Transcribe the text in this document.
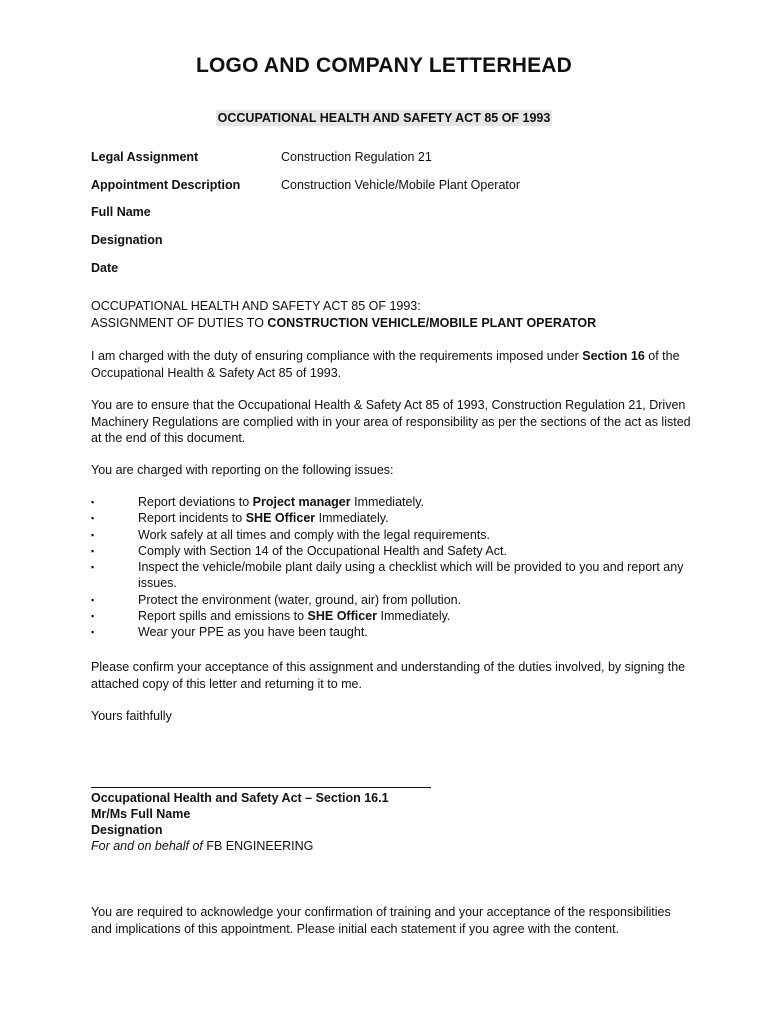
LOGO AND COMPANY LETTERHEAD
OCCUPATIONAL HEALTH AND SAFETY ACT 85 OF 1993
Legal Assignment	Construction Regulation 21
Appointment Description	Construction Vehicle/Mobile Plant Operator
Full Name
Designation
Date
OCCUPATIONAL HEALTH AND SAFETY ACT 85 OF 1993:
ASSIGNMENT OF DUTIES TO CONSTRUCTION VEHICLE/MOBILE PLANT OPERATOR
I am charged with the duty of ensuring compliance with the requirements imposed under Section 16 of the Occupational Health & Safety Act 85 of 1993.
You are to ensure that the Occupational Health & Safety Act 85 of 1993, Construction Regulation 21, Driven Machinery Regulations are complied with in your area of responsibility as per the sections of the act as listed at the end of this document.
You are charged with reporting on the following issues:
▪	Report deviations to Project manager Immediately.
▪	Report incidents to SHE Officer Immediately.
▪	Work safely at all times and comply with the legal requirements.
▪	Comply with Section 14 of the Occupational Health and Safety Act.
▪	Inspect the vehicle/mobile plant daily using a checklist which will be provided to you and report any issues.
▪	Protect the environment (water, ground, air) from pollution.
▪	Report spills and emissions to SHE Officer Immediately.
▪	Wear your PPE as you have been taught.
Please confirm your acceptance of this assignment and understanding of the duties involved, by signing the attached copy of this letter and returning it to me.
Yours faithfully
Occupational Health and Safety Act – Section 16.1
Mr/Ms Full Name
Designation
For and on behalf of FB ENGINEERING
You are required to acknowledge your confirmation of training and your acceptance of the responsibilities and implications of this appointment. Please initial each statement if you agree with the content.
